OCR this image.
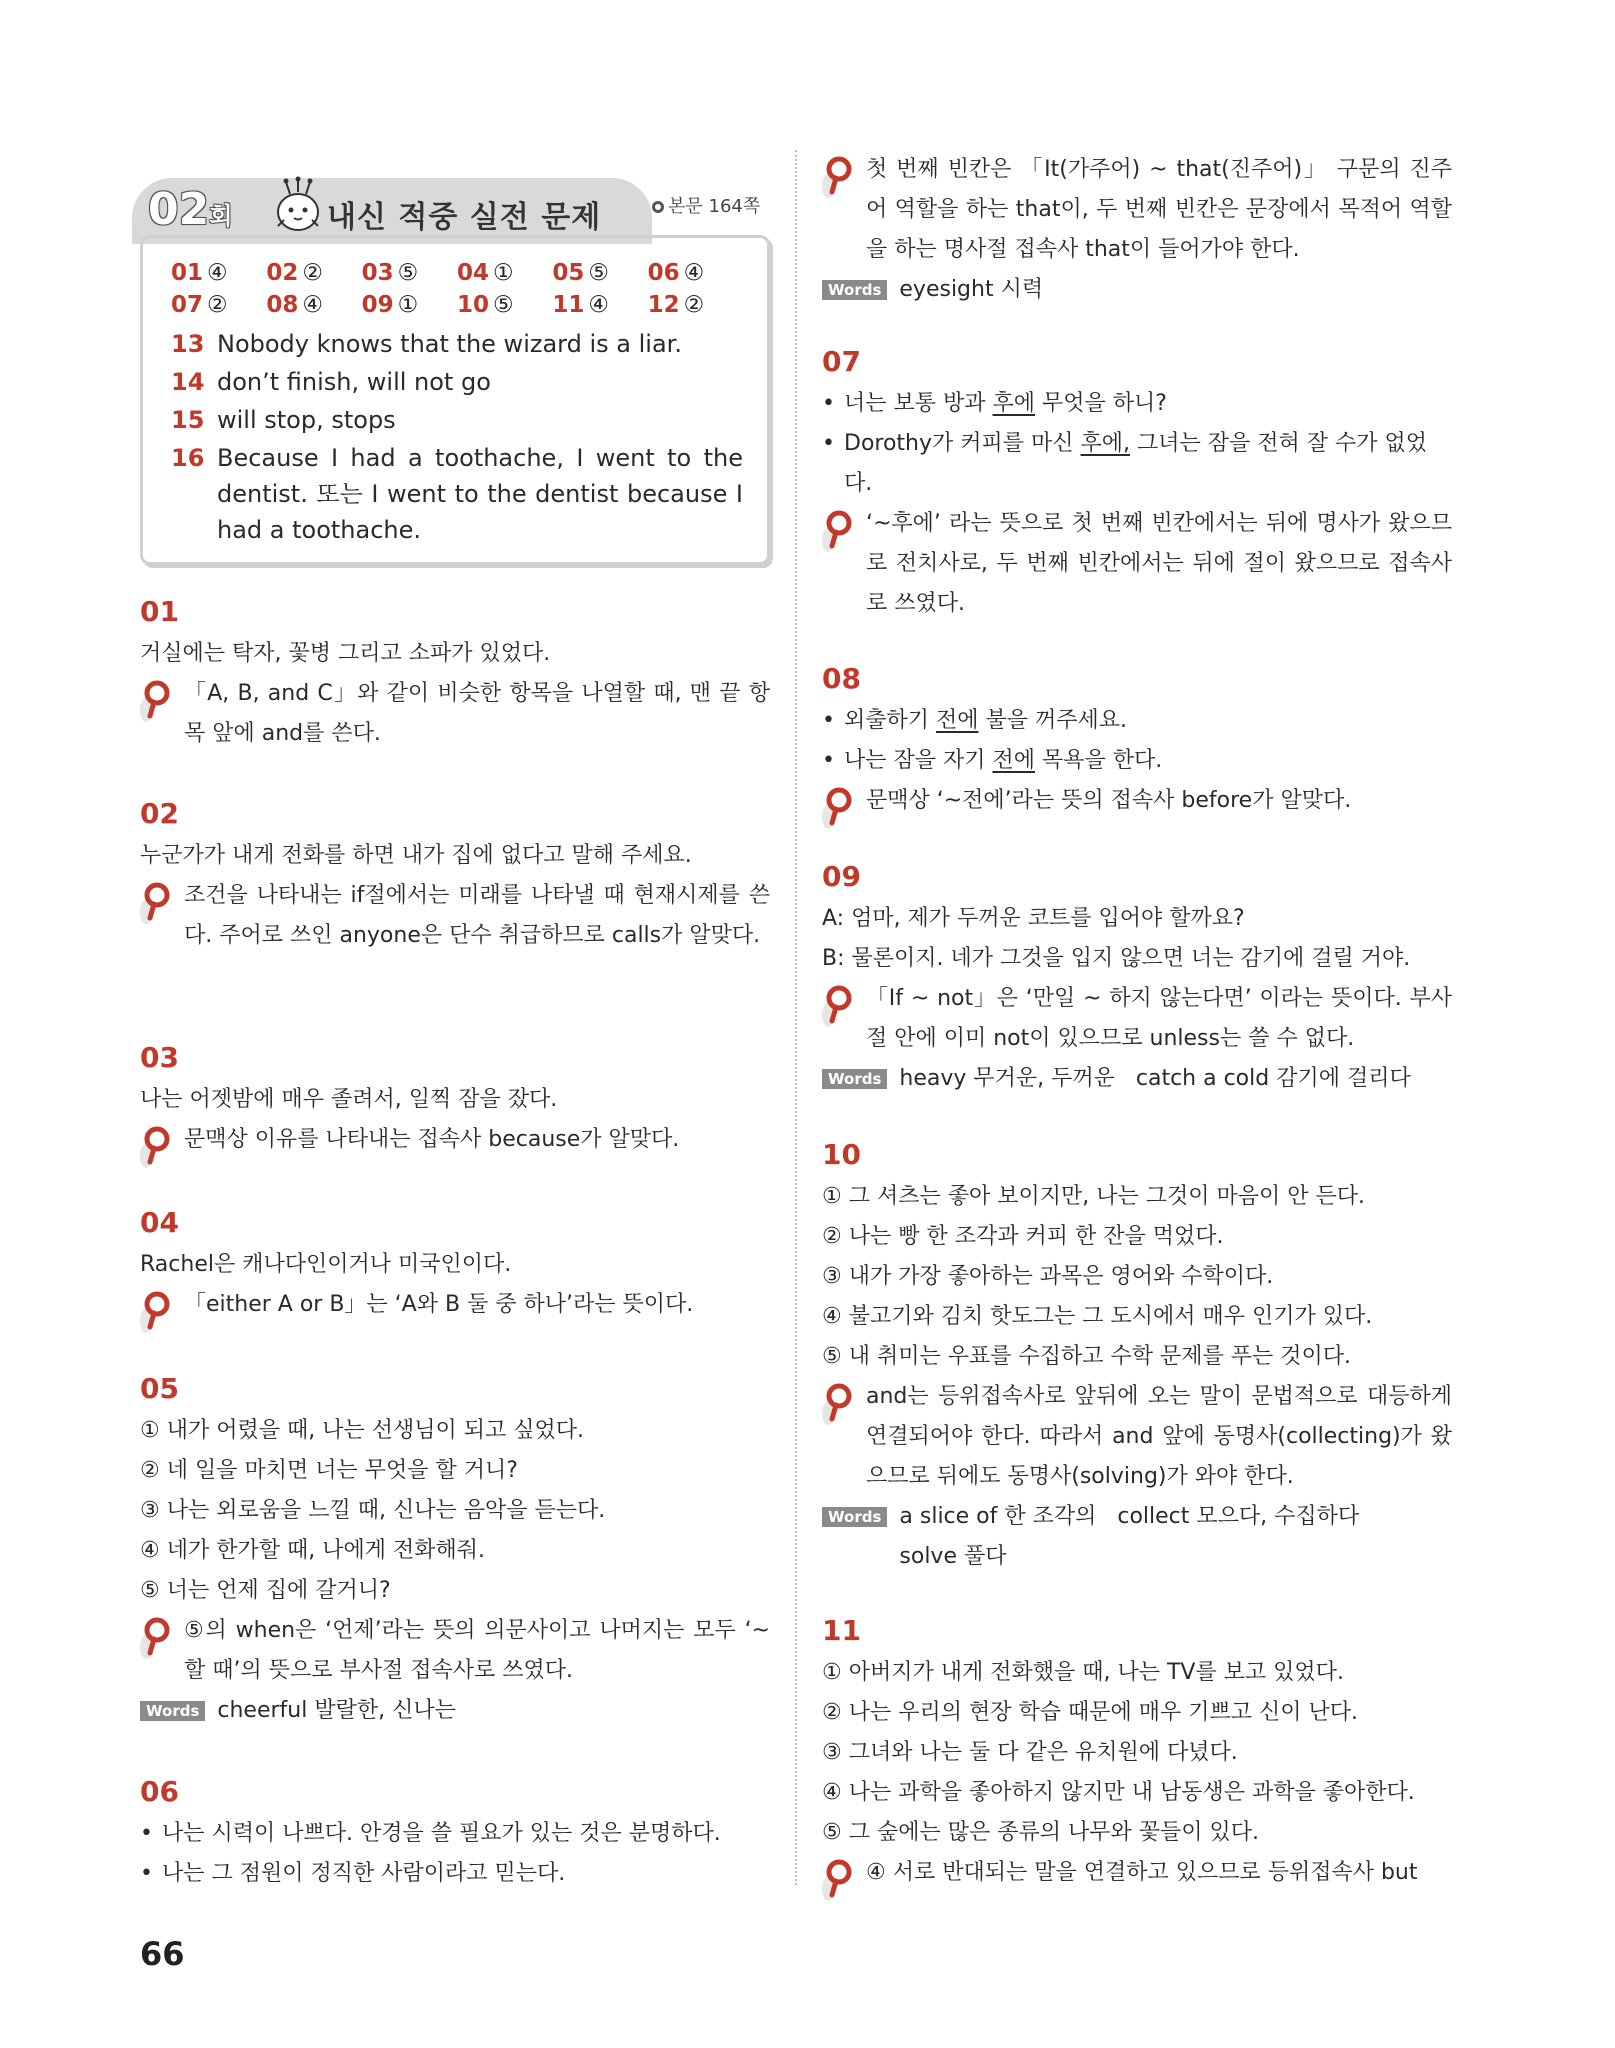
02회	내신 적중 실전 문제	본문 164쪽
01 ④	02 ②	03 ⑤	04 ①	05 ⑤	06 ④
07 ②	08 ④	09 ①	10 ⑤	11 ④	12 ②
13 Nobody knows that the wizard is a liar.
14 don’t finish, will not go
15 will stop, stops
16 Because I had a toothache, I went to the dentist. 또는 I went to the dentist because I had a toothache.
01
거실에는 탁자, 꽃병 그리고 소파가 있었다.
「A, B, and C」와 같이 비슷한 항목을 나열할 때, 맨 끝 항목 앞에 and를 쓴다.
02
누군가가 내게 전화를 하면 내가 집에 없다고 말해 주세요.
조건을 나타내는 if절에서는 미래를 나타낼 때 현재시제를 쓴다. 주어로 쓰인 anyone은 단수 취급하므로 calls가 알맞다.
03
나는 어젯밤에 매우 졸려서, 일찍 잠을 잤다.
문맥상 이유를 나타내는 접속사 because가 알맞다.
04
Rachel은 캐나다인이거나 미국인이다.
「either A or B」는 ‘A와 B 둘 중 하나’라는 뜻이다.
05
① 내가 어렸을 때, 나는 선생님이 되고 싶었다.
② 네 일을 마치면 너는 무엇을 할 거니?
③ 나는 외로움을 느낄 때, 신나는 음악을 듣는다.
④ 네가 한가할 때, 나에게 전화해줘.
⑤ 너는 언제 집에 갈거니?
⑤의 when은 ‘언제’라는 뜻의 의문사이고 나머지는 모두 ‘~할 때’의 뜻으로 부사절 접속사로 쓰였다.
Words cheerful 발랄한, 신나는
06
• 나는 시력이 나쁘다. 안경을 쓸 필요가 있는 것은 분명하다.
• 나는 그 점원이 정직한 사람이라고 믿는다.
66
첫 번째 빈칸은 「It(가주어) ~ that(진주어)」 구문의 진주어 역할을 하는 that이, 두 번째 빈칸은 문장에서 목적어 역할을 하는 명사절 접속사 that이 들어가야 한다.
Words eyesight 시력
07
• 너는 보통 방과 후에 무엇을 하니?
• Dorothy가 커피를 마신 후에, 그녀는 잠을 전혀 잘 수가 없었다.
‘~후에’ 라는 뜻으로 첫 번째 빈칸에서는 뒤에 명사가 왔으므로 전치사로, 두 번째 빈칸에서는 뒤에 절이 왔으므로 접속사로 쓰였다.
08
• 외출하기 전에 불을 꺼주세요.
• 나는 잠을 자기 전에 목욕을 한다.
문맥상 ‘~전에’라는 뜻의 접속사 before가 알맞다.
09
A: 엄마, 제가 두꺼운 코트를 입어야 할까요?
B: 물론이지. 네가 그것을 입지 않으면 너는 감기에 걸릴 거야.
「If ~ not」은 ‘만일 ~ 하지 않는다면’ 이라는 뜻이다. 부사절 안에 이미 not이 있으므로 unless는 쓸 수 없다.
Words heavy 무거운, 두꺼운   catch a cold 감기에 걸리다
10
① 그 셔츠는 좋아 보이지만, 나는 그것이 마음이 안 든다.
② 나는 빵 한 조각과 커피 한 잔을 먹었다.
③ 내가 가장 좋아하는 과목은 영어와 수학이다.
④ 불고기와 김치 핫도그는 그 도시에서 매우 인기가 있다.
⑤ 내 취미는 우표를 수집하고 수학 문제를 푸는 것이다.
and는 등위접속사로 앞뒤에 오는 말이 문법적으로 대등하게 연결되어야 한다. 따라서 and 앞에 동명사(collecting)가 왔으므로 뒤에도 동명사(solving)가 와야 한다.
Words a slice of 한 조각의   collect 모으다, 수집하다
solve 풀다
11
① 아버지가 내게 전화했을 때, 나는 TV를 보고 있었다.
② 나는 우리의 현장 학습 때문에 매우 기쁘고 신이 난다.
③ 그녀와 나는 둘 다 같은 유치원에 다녔다.
④ 나는 과학을 좋아하지 않지만 내 남동생은 과학을 좋아한다.
⑤ 그 숲에는 많은 종류의 나무와 꽃들이 있다.
④ 서로 반대되는 말을 연결하고 있으므로 등위접속사 but
